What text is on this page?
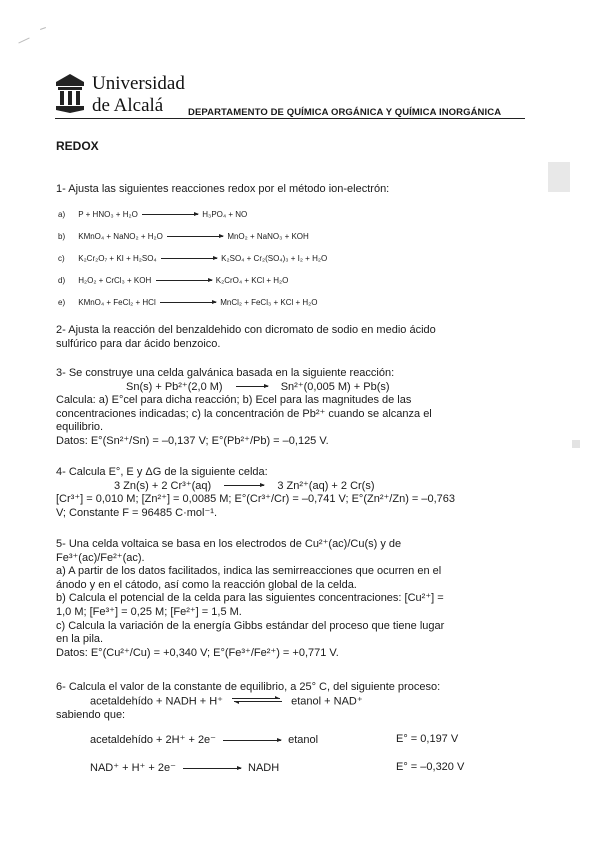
Universidad
de Alcalá	DEPARTAMENTO DE QUÍMICA ORGÁNICA Y QUÍMICA INORGÁNICA
REDOX
1- Ajusta las siguientes reacciones redox por el método ion-electrón:
a) P + HNO₃ + H₂O	H₃PO₄ + NO
b) KMnO₄ + NaNO₂ + H₂O	MnO₂ + NaNO₃ + KOH
c) K₂Cr₂O₇ + KI + H₂SO₄	K₂SO₄ + Cr₂(SO₄)₃ + I₂ + H₂O
d) H₂O₂ + CrCl₃ + KOH	K₂CrO₄ + KCl + H₂O
e) KMnO₄ + FeCl₂ + HCl	MnCl₂ + FeCl₃ + KCl + H₂O
2- Ajusta la reacción del benzaldehido con dicromato de sodio en medio ácido
sulfúrico para dar ácido benzoico.
3- Se construye una celda galvánica basada en la siguiente reacción:
Sn(s) + Pb²⁺(2,0 M)	Sn²⁺(0,005 M) + Pb(s)
Calcula: a) E°cel para dicha reacción; b) Ecel para las magnitudes de las
concentraciones indicadas; c) la concentración de Pb²⁺ cuando se alcanza el
equilibrio.
Datos: E°(Sn²⁺/Sn) = –0,137 V; E°(Pb²⁺/Pb) = –0,125 V.
4- Calcula E°, E y ΔG de la siguiente celda:
3 Zn(s) + 2 Cr³⁺(aq)	3 Zn²⁺(aq) + 2 Cr(s)
[Cr³⁺] = 0,010 M; [Zn²⁺] = 0,0085 M; E°(Cr³⁺/Cr) = –0,741 V; E°(Zn²⁺/Zn) = –0,763
V; Constante F = 96485 C·mol⁻¹.
5- Una celda voltaica se basa en los electrodos de Cu²⁺(ac)/Cu(s) y de
Fe³⁺(ac)/Fe²⁺(ac).
a) A partir de los datos facilitados, indica las semirreacciones que ocurren en el
ánodo y en el cátodo, así como la reacción global de la celda.
b) Calcula el potencial de la celda para las siguientes concentraciones: [Cu²⁺] =
1,0 M; [Fe³⁺] = 0,25 M; [Fe²⁺] = 1,5 M.
c) Calcula la variación de la energía Gibbs estándar del proceso que tiene lugar
en la pila.
Datos: E°(Cu²⁺/Cu) = +0,340 V; E°(Fe³⁺/Fe²⁺) = +0,771 V.
6- Calcula el valor de la constante de equilibrio, a 25° C, del siguiente proceso:
acetaldehído + NADH + H⁺	etanol + NAD⁺
sabiendo que:
acetaldehído + 2H⁺ + 2e⁻	etanol	E° = 0,197 V
NAD⁺ + H⁺ + 2e⁻	NADH	E° = –0,320 V
